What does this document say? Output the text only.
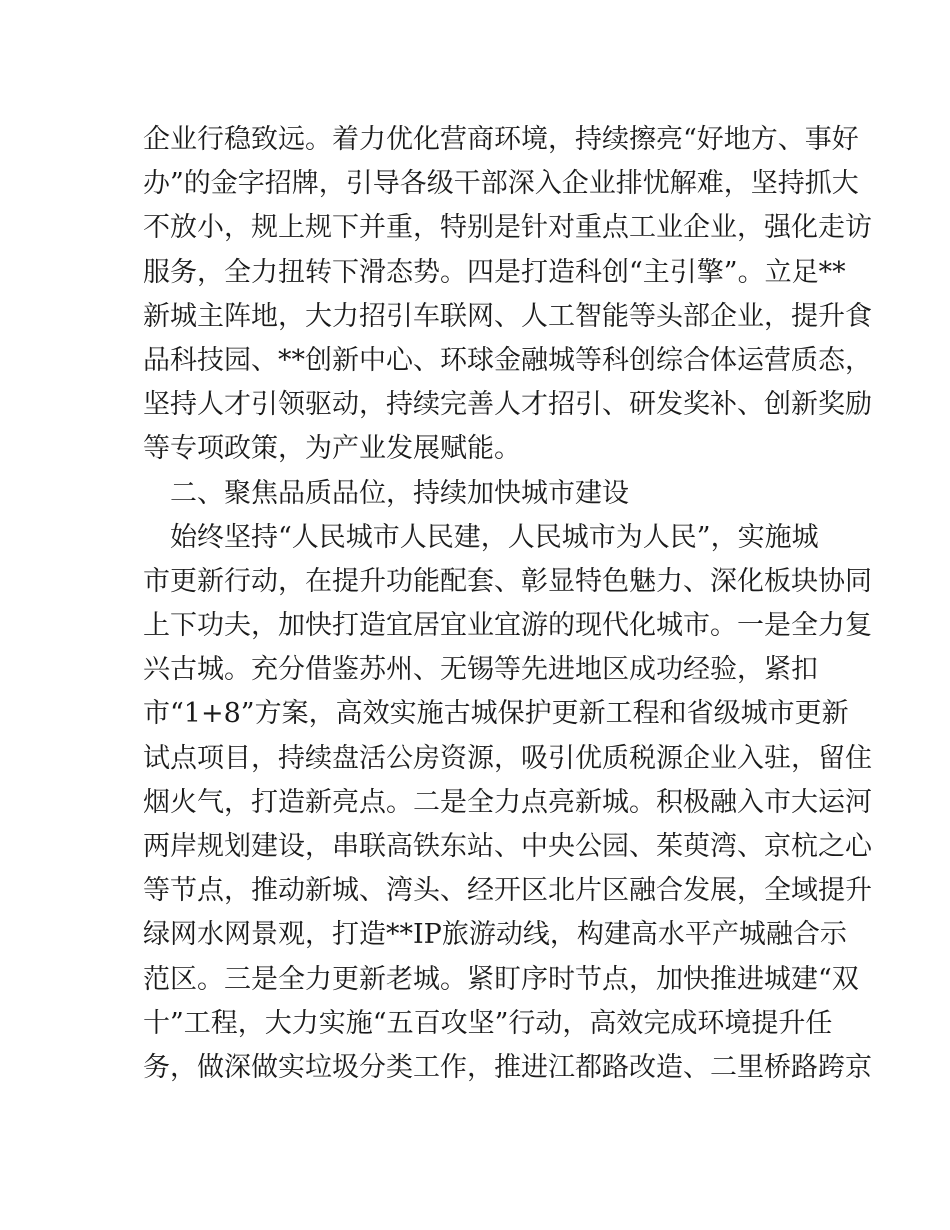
企业行稳致远。着力优化营商环境，持续擦亮“好地方、事好
办”的金字招牌，引导各级干部深入企业排忧解难，坚持抓大
不放小，规上规下并重，特别是针对重点工业企业，强化走访
服务，全力扭转下滑态势。四是打造科创“主引擎”。立足**
新城主阵地，大力招引车联网、人工智能等头部企业，提升食
品科技园、**创新中心、环球金融城等科创综合体运营质态，
坚持人才引领驱动，持续完善人才招引、研发奖补、创新奖励
等专项政策，为产业发展赋能。
二、聚焦品质品位，持续加快城市建设
始终坚持“人民城市人民建，人民城市为人民”，实施城
市更新行动，在提升功能配套、彰显特色魅力、深化板块协同
上下功夫，加快打造宜居宜业宜游的现代化城市。一是全力复
兴古城。充分借鉴苏州、无锡等先进地区成功经验，紧扣
市“1+8”方案，高效实施古城保护更新工程和省级城市更新
试点项目，持续盘活公房资源，吸引优质税源企业入驻，留住
烟火气，打造新亮点。二是全力点亮新城。积极融入市大运河
两岸规划建设，串联高铁东站、中央公园、茱萸湾、京杭之心
等节点，推动新城、湾头、经开区北片区融合发展，全域提升
绿网水网景观，打造**IP旅游动线，构建高水平产城融合示
范区。三是全力更新老城。紧盯序时节点，加快推进城建“双
十”工程，大力实施“五百攻坚”行动，高效完成环境提升任
务，做深做实垃圾分类工作，推进江都路改造、二里桥路跨京
